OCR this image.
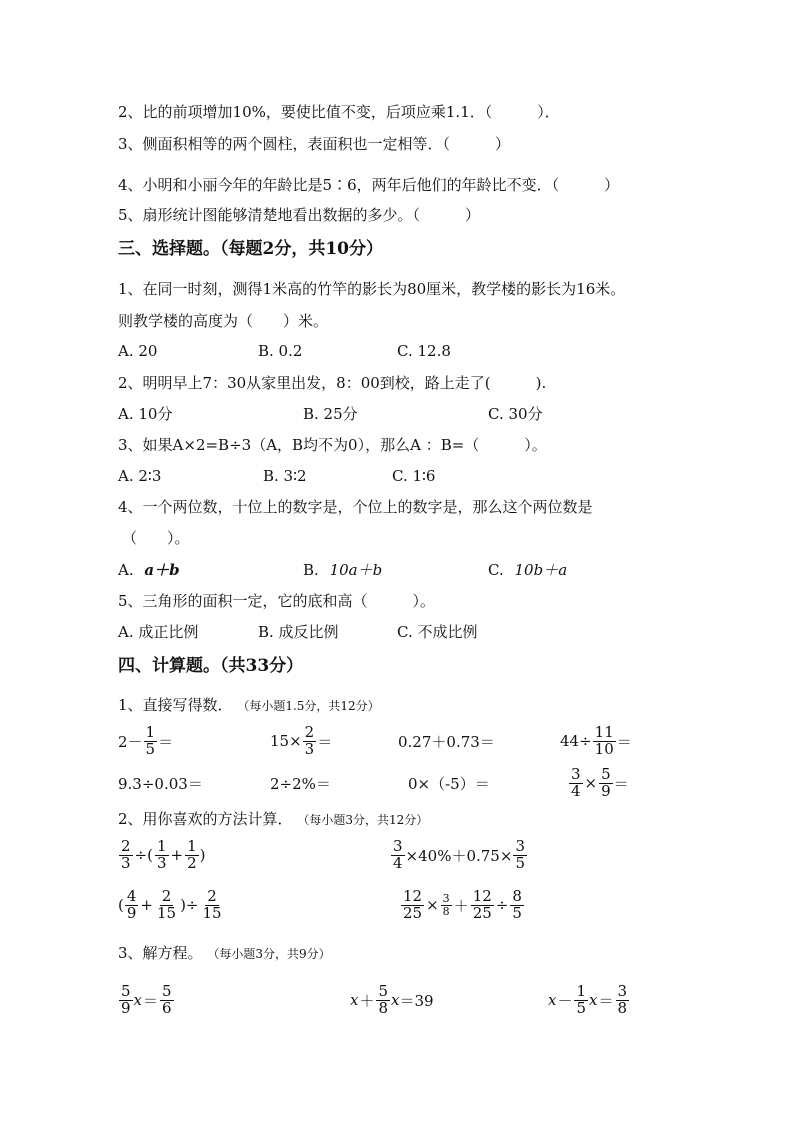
2、比的前项增加10%，要使比值不变，后项应乘1.1．（　　　）．
3、侧面积相等的两个圆柱，表面积也一定相等．（　　　）
4、小明和小丽今年的年龄比是5∶6，两年后他们的年龄比不变．（　　　）
5、扇形统计图能够清楚地看出数据的多少。（　　　）
三、选择题。（每题2分，共10分）
1、在同一时刻，测得1米高的竹竿的影长为80厘米，教学楼的影长为16米。
则教学楼的高度为（　　）米。
A. 20	B. 0.2	C. 12.8
2、明明早上7：30从家里出发，8：00到校，路上走了(　　　).
A. 10分	B. 25分	C. 30分
3、如果A×2=B÷3（A，B均不为0），那么A ：B=（　　　）。
A. 2∶3	B. 3∶2	C. 1∶6
4、一个两位数，十位上的数字是，个位上的数字是，那么这个两位数是
（　　）。
A. a＋b	B. 10a＋b	C. 10b＋a
5、三角形的面积一定，它的底和高（　　　）。
A. 成正比例	B. 成反比例	C. 不成比例
四、计算题。（共33分）
1、直接写得数． （每小题1.5分，共12分）
$2- \frac{1}{5}$ ＝	$15\times \frac{2}{3}$ ＝	0.27＋0.73＝	$44\div \frac{11}{10}$ ＝
9.3÷0.03＝	2÷2%＝	0×（-5）＝	$\frac{3}{4} \times \frac{5}{9}$ ＝
2、用你喜欢的方法计算． （每小题3分，共12分）
$\frac{2}{3}$ ÷( $\frac{1}{3} + \frac{1}{2}$ )	$\frac{3}{4} \times 40\%+0.75\times \frac{3}{5}$
( $\frac{4}{9} + \frac{2}{15}$ )÷ $\frac{2}{15}$	$\frac{12}{25} \times \frac{3}{8} + \frac{12}{25} \div \frac{8}{5}$
3、解方程。 （每小题3分，共9分）
$\frac{5}{9}$ $x = \frac{5}{6}$	$x + \frac{5}{8}$ x ＝39	$x - \frac{1}{5}$ $x = \frac{3}{8}$
